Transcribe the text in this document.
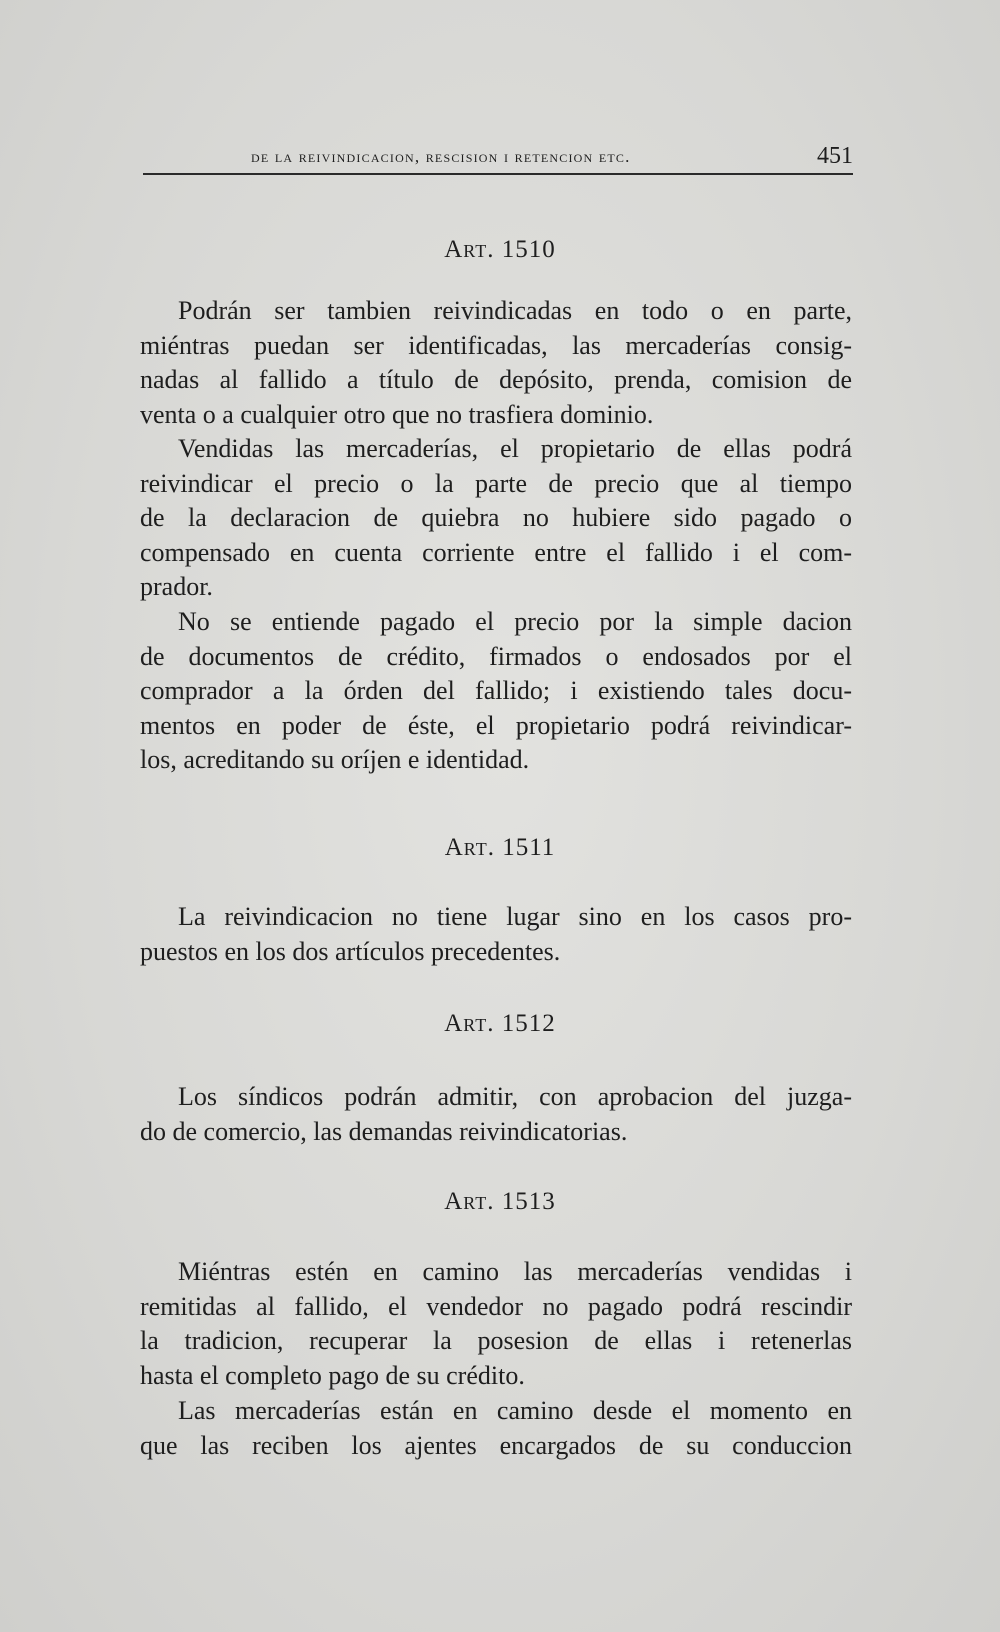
de la reivindicacion, rescision i retencion etc.	451
Art. 1510

Podrán ser tambien reivindicadas en todo o en parte,
miéntras puedan ser identificadas, las mercaderías consig-
nadas al fallido a título de depósito, prenda, comision de
venta o a cualquier otro que no trasfiera dominio.

Vendidas las mercaderías, el propietario de ellas podrá
reivindicar el precio o la parte de precio que al tiempo
de la declaracion de quiebra no hubiere sido pagado o
compensado en cuenta corriente entre el fallido i el com-
prador.

No se entiende pagado el precio por la simple dacion
de documentos de crédito, firmados o endosados por el
comprador a la órden del fallido; i existiendo tales docu-
mentos en poder de éste, el propietario podrá reivindicar-
los, acreditando su oríjen e identidad.

Art. 1511

La reivindicacion no tiene lugar sino en los casos pro-
puestos en los dos artículos precedentes.

Art. 1512

Los síndicos podrán admitir, con aprobacion del juzga-
do de comercio, las demandas reivindicatorias.

Art. 1513

Miéntras estén en camino las mercaderías vendidas i
remitidas al fallido, el vendedor no pagado podrá rescindir
la tradicion, recuperar la posesion de ellas i retenerlas
hasta el completo pago de su crédito.

Las mercaderías están en camino desde el momento en
que las reciben los ajentes encargados de su conduccion
